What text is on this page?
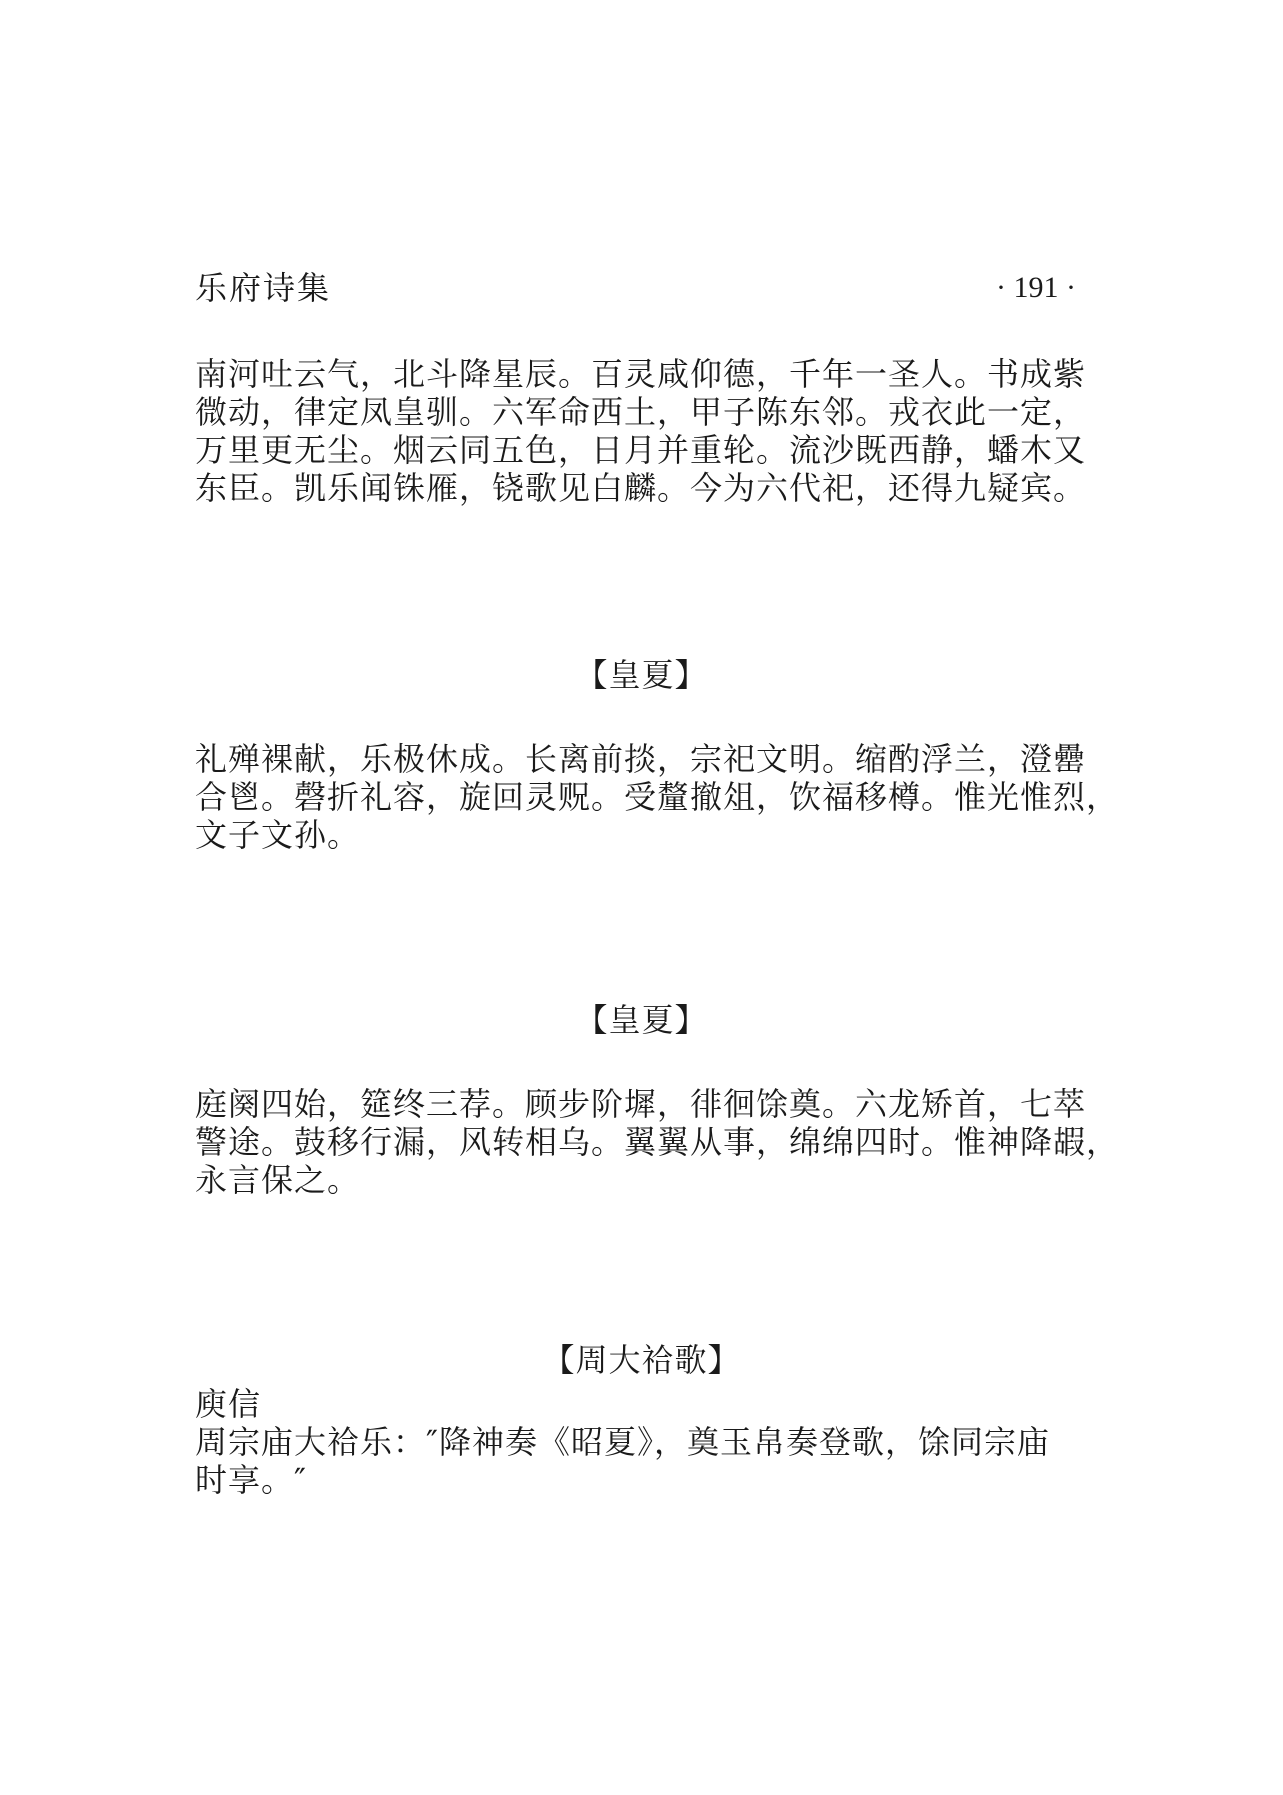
乐府诗集	· 191 ·

南河吐云气，北斗降星辰。百灵咸仰德，千年一圣人。书成紫
微动，律定凤皇驯。六军命西土，甲子陈东邻。戎衣此一定，
万里更无尘。烟云同五色，日月并重轮。流沙既西静，蟠木又
东臣。凯乐闻铢雁，铙歌见白麟。今为六代祀，还得九疑宾。

【皇夏】

礼殚裸献，乐极休成。长离前掞，宗祀文明。缩酌浮兰，澄罍
合鬯。磬折礼容，旋回灵贶。受釐撤俎，饮福移樽。惟光惟烈，
文子文孙。

【皇夏】

庭阕四始，筵终三荐。顾步阶墀，徘徊馀奠。六龙矫首，七萃
警途。鼓移行漏，风转相乌。翼翼从事，绵绵四时。惟神降嘏，
永言保之。

【周大祫歌】
庾信

周宗庙大祫乐：″降神奏《昭夏》，奠玉帛奏登歌，馀同宗庙
时享。″
